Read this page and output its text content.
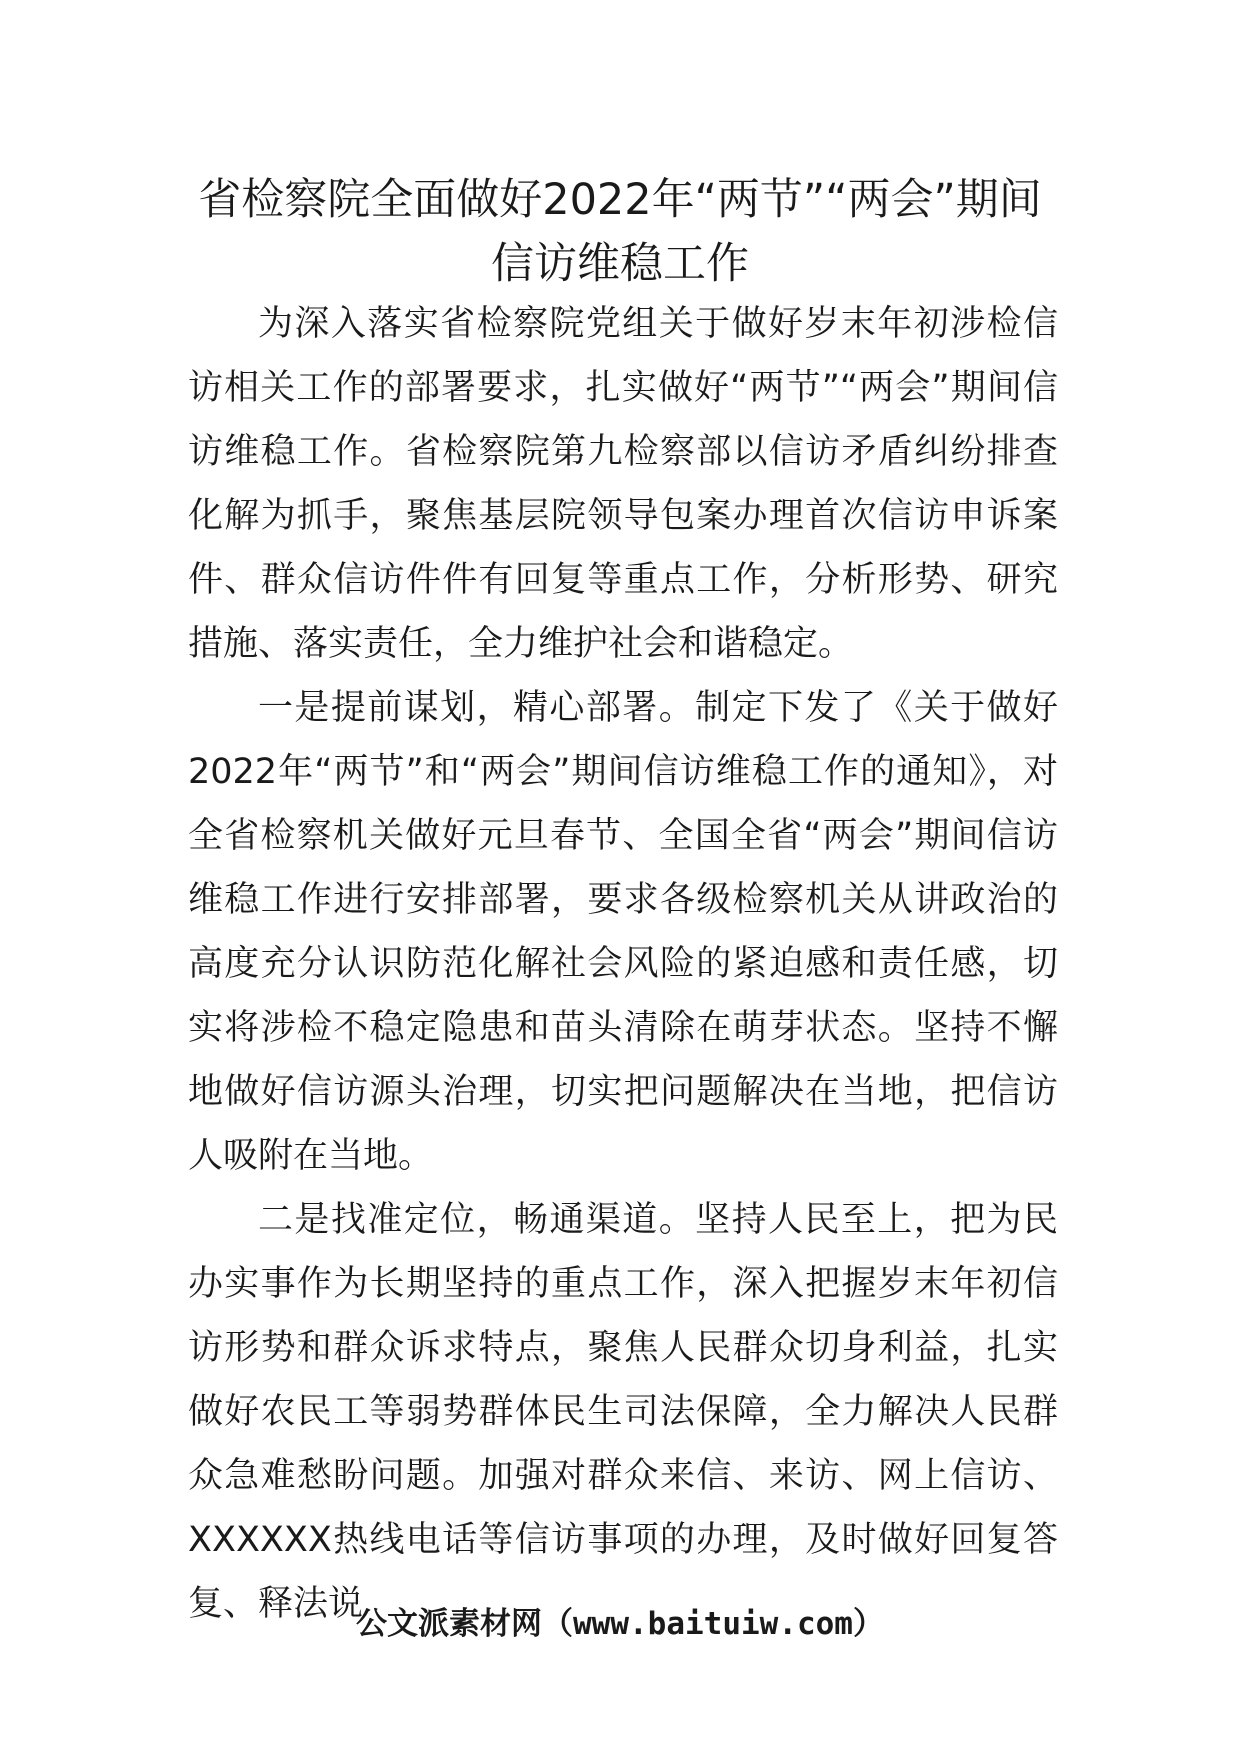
省检察院全面做好2022年“两节”“两会”期间信访维稳工作

为深入落实省检察院党组关于做好岁末年初涉检信访相关工作的部署要求，扎实做好“两节”“两会”期间信访维稳工作。省检察院第九检察部以信访矛盾纠纷排查化解为抓手，聚焦基层院领导包案办理首次信访申诉案件、群众信访件件有回复等重点工作，分析形势、研究措施、落实责任，全力维护社会和谐稳定。

一是提前谋划，精心部署。制定下发了《关于做好2022年“两节”和“两会”期间信访维稳工作的通知》，对全省检察机关做好元旦春节、全国全省“两会”期间信访维稳工作进行安排部署，要求各级检察机关从讲政治的高度充分认识防范化解社会风险的紧迫感和责任感，切实将涉检不稳定隐患和苗头清除在萌芽状态。坚持不懈地做好信访源头治理，切实把问题解决在当地，把信访人吸附在当地。

二是找准定位，畅通渠道。坚持人民至上，把为民办实事作为长期坚持的重点工作，深入把握岁末年初信访形势和群众诉求特点，聚焦人民群众切身利益，扎实做好农民工等弱势群体民生司法保障，全力解决人民群众急难愁盼问题。加强对群众来信、来访、网上信访、XXXXXX热线电话等信访事项的办理，及时做好回复答复、释法说

公文派素材网（www.baituiw.com）
